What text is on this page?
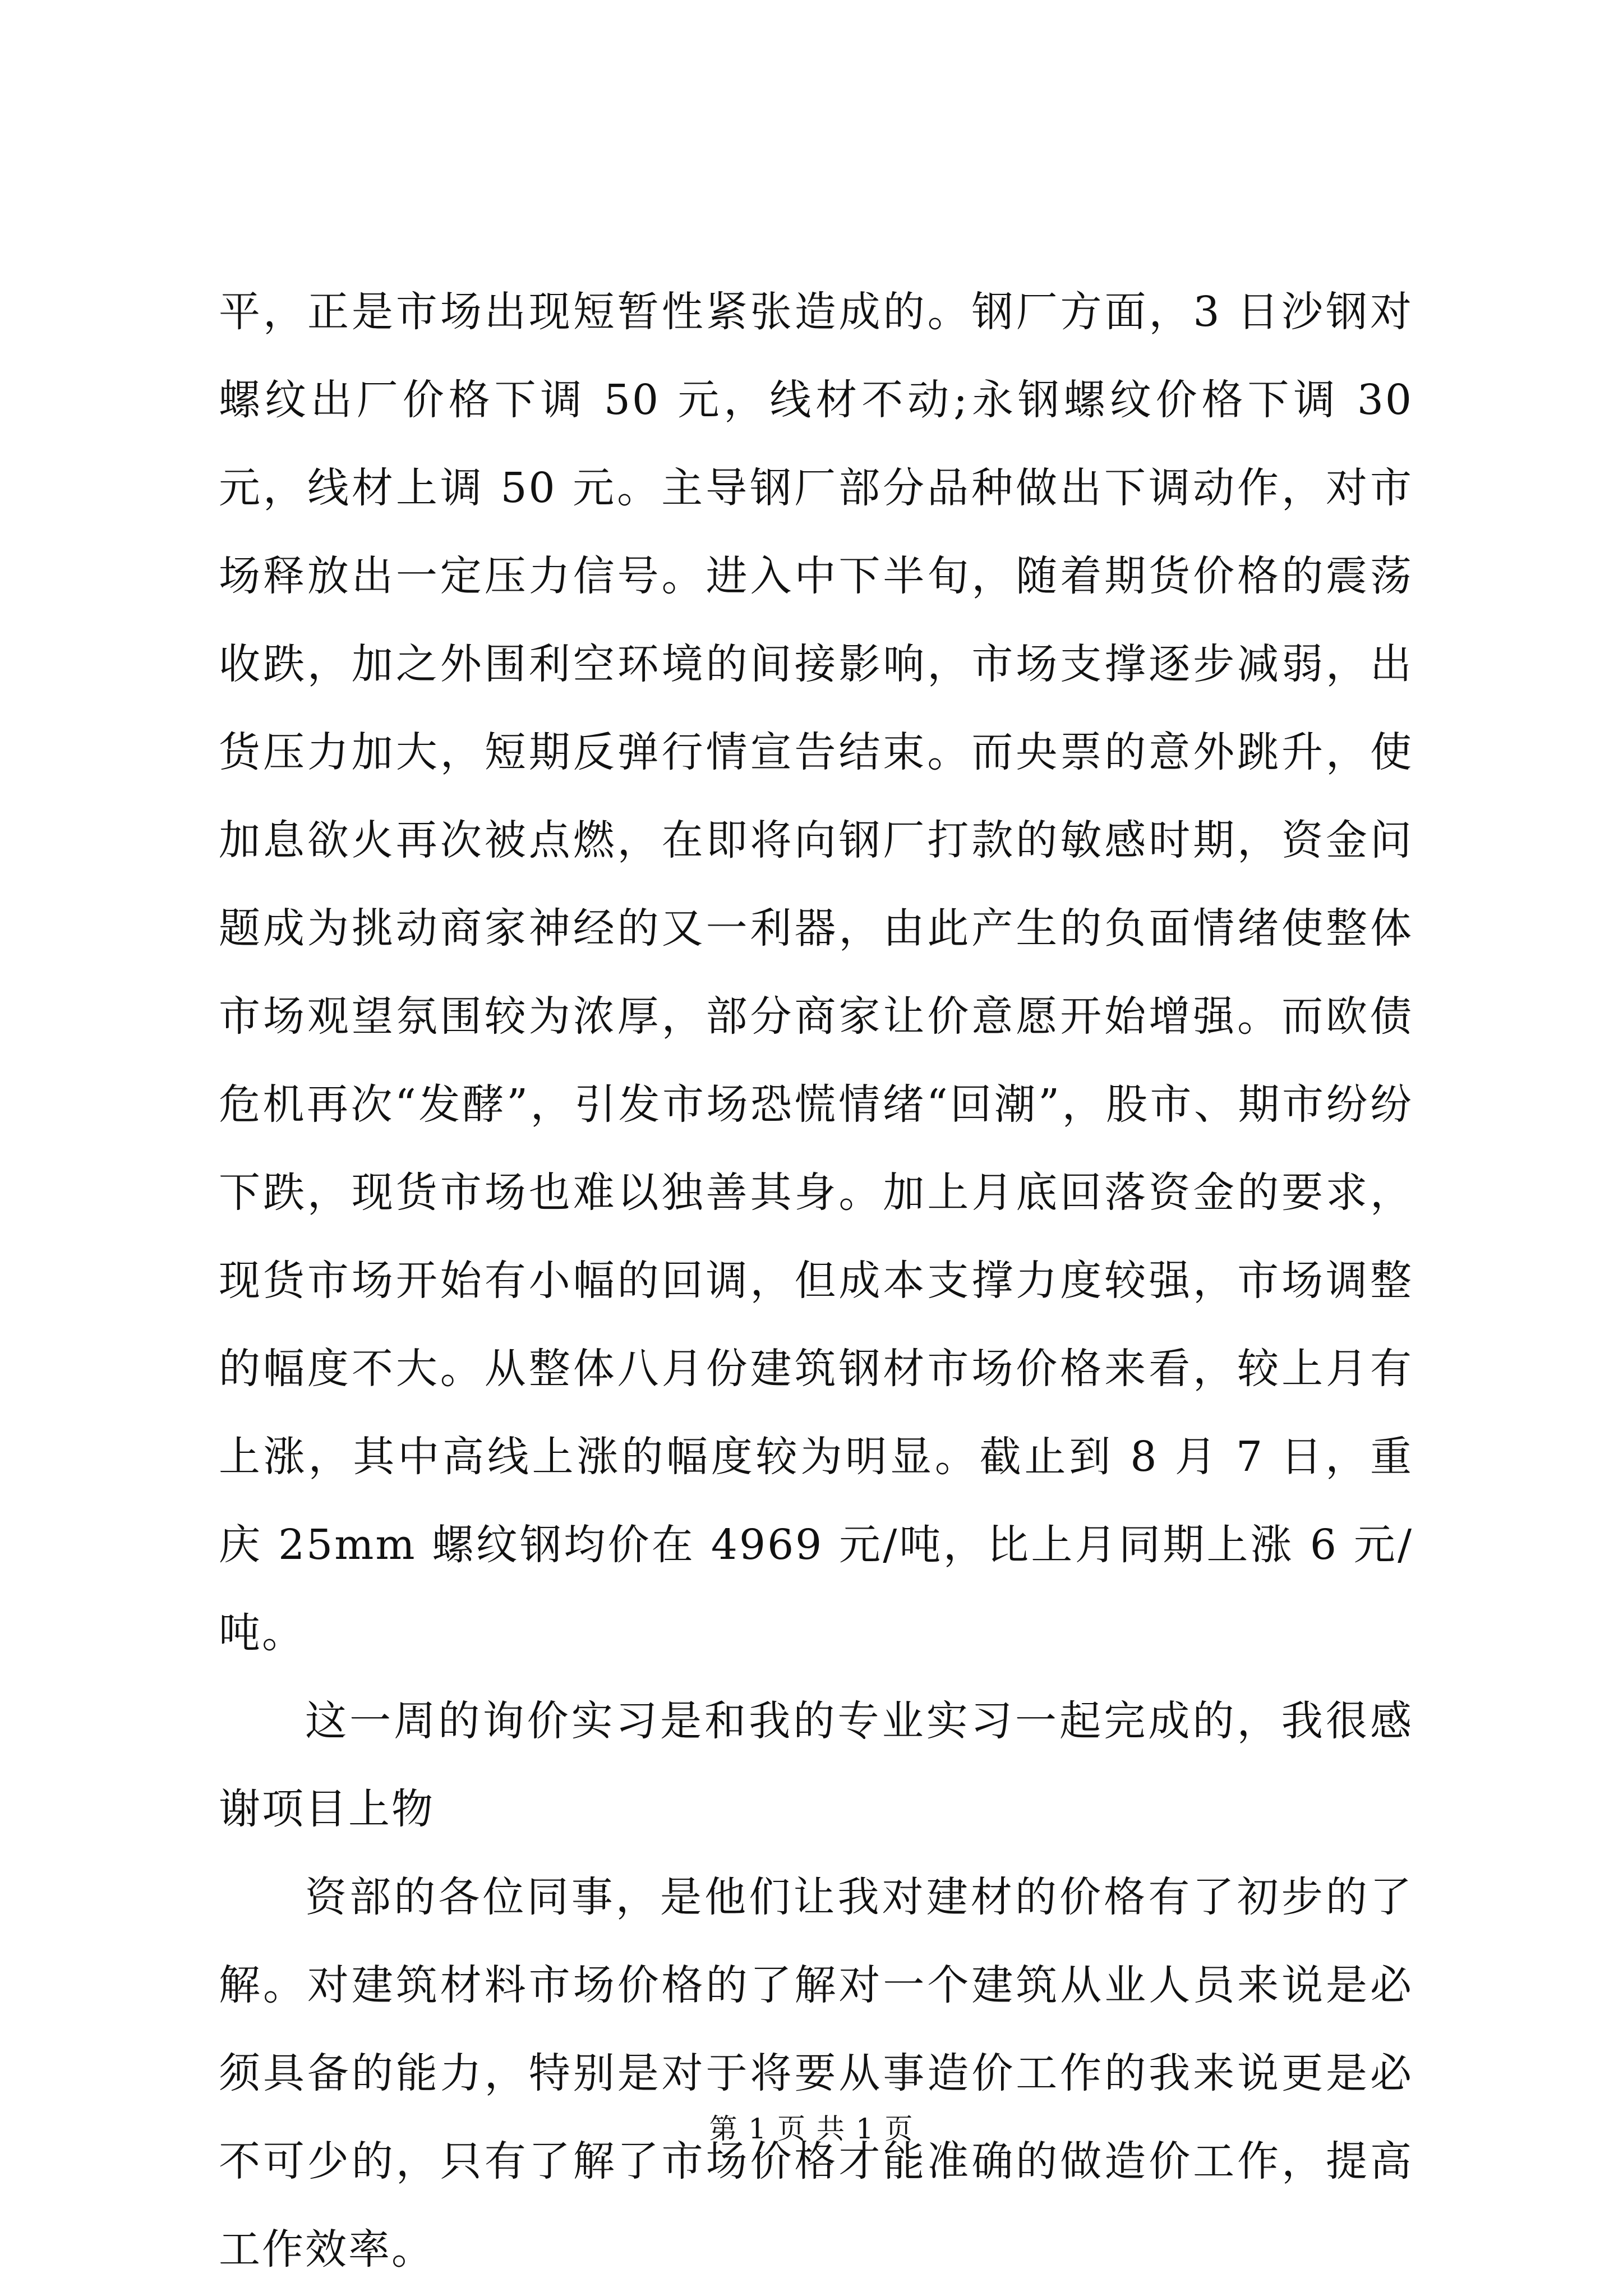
平，正是市场出现短暂性紧张造成的。钢厂方面，3 日沙钢对螺纹出厂价格下调 50 元，线材不动;永钢螺纹价格下调 30 元，线材上调 50 元。主导钢厂部分品种做出下调动作，对市场释放出一定压力信号。进入中下半旬，随着期货价格的震荡收跌，加之外围利空环境的间接影响，市场支撑逐步减弱，出货压力加大，短期反弹行情宣告结束。而央票的意外跳升，使加息欲火再次被点燃，在即将向钢厂打款的敏感时期，资金问题成为挑动商家神经的又一利器，由此产生的负面情绪使整体市场观望氛围较为浓厚，部分商家让价意愿开始增强。而欧债危机再次“发酵”，引发市场恐慌情绪“回潮”，股市、期市纷纷下跌，现货市场也难以独善其身。加上月底回落资金的要求，现货市场开始有小幅的回调，但成本支撑力度较强，市场调整的幅度不大。从整体八月份建筑钢材市场价格来看，较上月有上涨，其中高线上涨的幅度较为明显。截止到 8 月 7 日，重庆 25mm 螺纹钢均价在 4969 元/吨，比上月同期上涨 6 元/吨。

这一周的询价实习是和我的专业实习一起完成的，我很感谢项目上物

资部的各位同事，是他们让我对建材的价格有了初步的了解。对建筑材料市场价格的了解对一个建筑从业人员来说是必须具备的能力，特别是对于将要从事造价工作的我来说更是必不可少的，只有了解了市场价格才能准确的做造价工作，提高工作效率。

第 1 页 共 1 页
